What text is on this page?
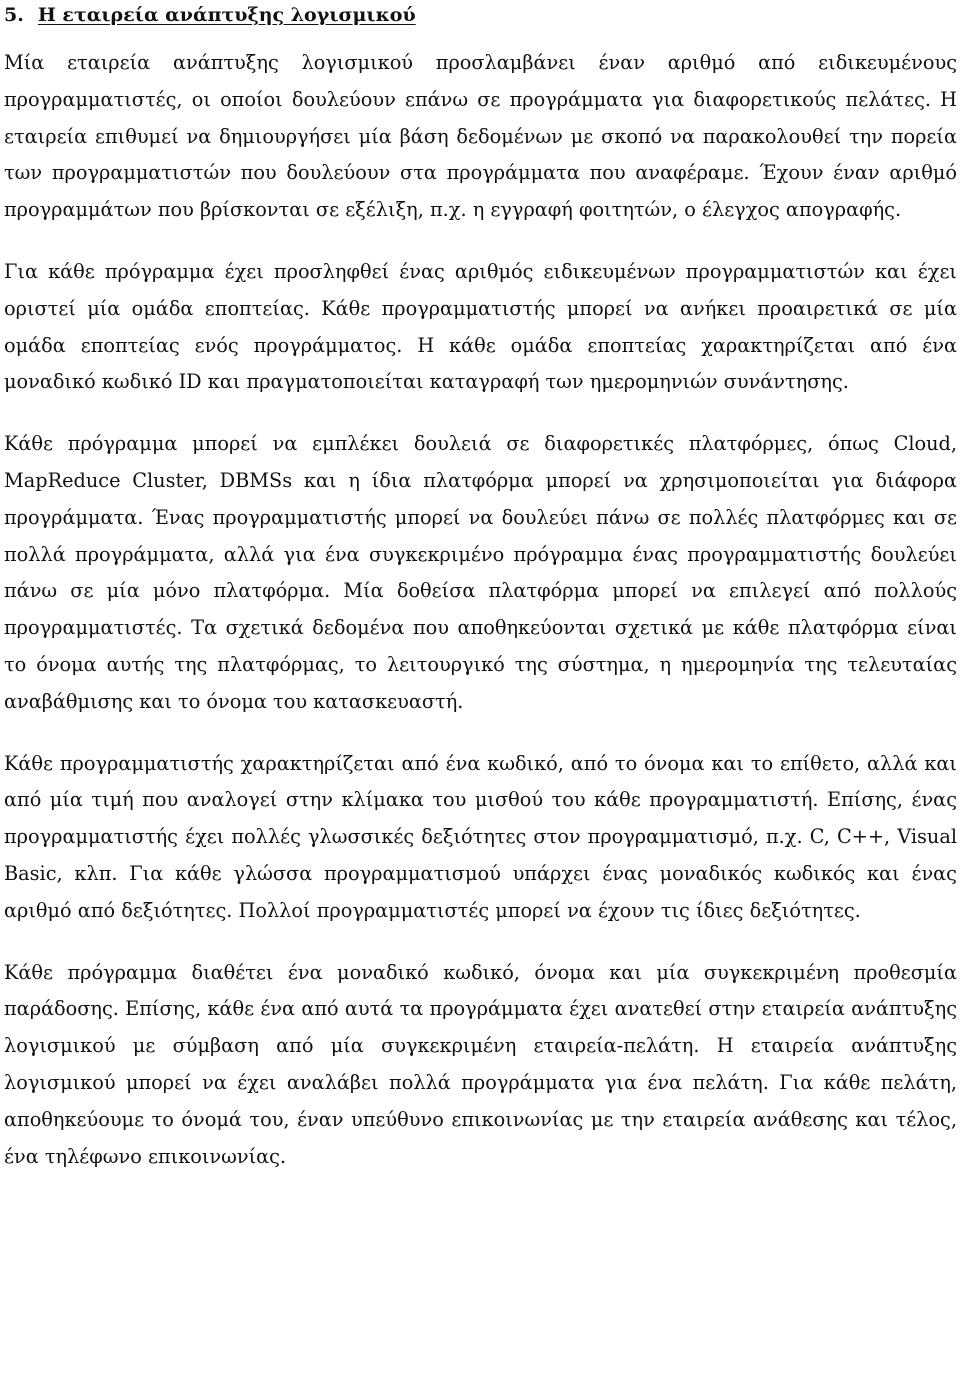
5. Η εταιρεία ανάπτυξης λογισμικού

Μία εταιρεία ανάπτυξης λογισμικού προσλαμβάνει έναν αριθμό από ειδικευμένους προγραμματιστές, οι οποίοι δουλεύουν επάνω σε προγράμματα για διαφορετικούς πελάτες. Η εταιρεία επιθυμεί να δημιουργήσει μία βάση δεδομένων με σκοπό να παρακολουθεί την πορεία των προγραμματιστών που δουλεύουν στα προγράμματα που αναφέραμε. Έχουν έναν αριθμό προγραμμάτων που βρίσκονται σε εξέλιξη, π.χ. η εγγραφή φοιτητών, ο έλεγχος απογραφής.

Για κάθε πρόγραμμα έχει προσληφθεί ένας αριθμός ειδικευμένων προγραμματιστών και έχει οριστεί μία ομάδα εποπτείας. Κάθε προγραμματιστής μπορεί να ανήκει προαιρετικά σε μία ομάδα εποπτείας ενός προγράμματος. Η κάθε ομάδα εποπτείας χαρακτηρίζεται από ένα μοναδικό κωδικό ID και πραγματοποιείται καταγραφή των ημερομηνιών συνάντησης.

Κάθε πρόγραμμα μπορεί να εμπλέκει δουλειά σε διαφορετικές πλατφόρμες, όπως Cloud, MapReduce Cluster, DBMSs και η ίδια πλατφόρμα μπορεί να χρησιμοποιείται για διάφορα προγράμματα. Ένας προγραμματιστής μπορεί να δουλεύει πάνω σε πολλές πλατφόρμες και σε πολλά προγράμματα, αλλά για ένα συγκεκριμένο πρόγραμμα ένας προγραμματιστής δουλεύει πάνω σε μία μόνο πλατφόρμα. Μία δοθείσα πλατφόρμα μπορεί να επιλεγεί από πολλούς προγραμματιστές. Τα σχετικά δεδομένα που αποθηκεύονται σχετικά με κάθε πλατφόρμα είναι το όνομα αυτής της πλατφόρμας, το λειτουργικό της σύστημα, η ημερομηνία της τελευταίας αναβάθμισης και το όνομα του κατασκευαστή.

Κάθε προγραμματιστής χαρακτηρίζεται από ένα κωδικό, από το όνομα και το επίθετο, αλλά και από μία τιμή που αναλογεί στην κλίμακα του μισθού του κάθε προγραμματιστή. Επίσης, ένας προγραμματιστής έχει πολλές γλωσσικές δεξιότητες στον προγραμματισμό, π.χ. C, C++, Visual Basic, κλπ. Για κάθε γλώσσα προγραμματισμού υπάρχει ένας μοναδικός κωδικός και ένας αριθμό από δεξιότητες. Πολλοί προγραμματιστές μπορεί να έχουν τις ίδιες δεξιότητες.

Κάθε πρόγραμμα διαθέτει ένα μοναδικό κωδικό, όνομα και μία συγκεκριμένη προθεσμία παράδοσης. Επίσης, κάθε ένα από αυτά τα προγράμματα έχει ανατεθεί στην εταιρεία ανάπτυξης λογισμικού με σύμβαση από μία συγκεκριμένη εταιρεία-πελάτη. Η εταιρεία ανάπτυξης λογισμικού μπορεί να έχει αναλάβει πολλά προγράμματα για ένα πελάτη. Για κάθε πελάτη, αποθηκεύουμε το όνομά του, έναν υπεύθυνο επικοινωνίας με την εταιρεία ανάθεσης και τέλος, ένα τηλέφωνο επικοινωνίας.
